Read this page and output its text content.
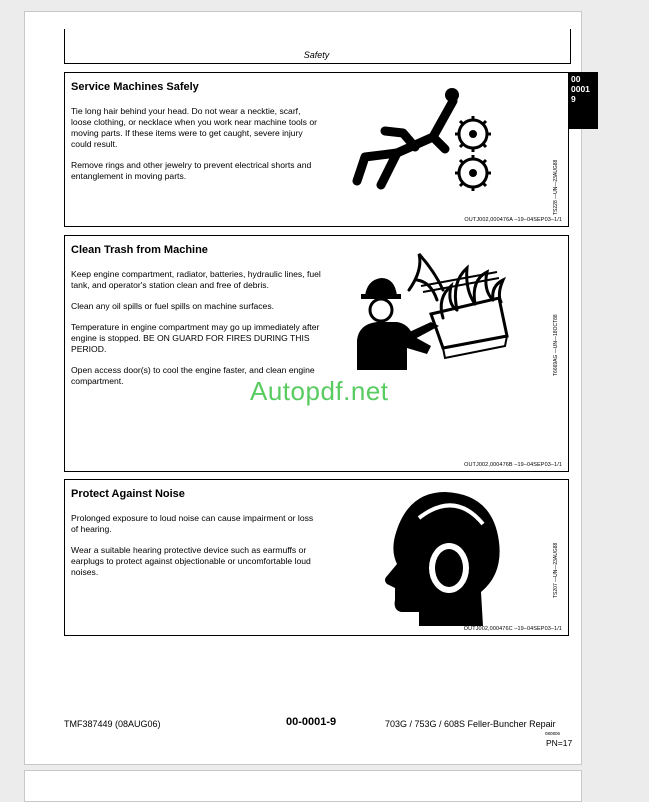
Safety
00
0001
9
Service Machines Safely

Tie long hair behind your head. Do not wear a necktie, scarf, loose clothing, or necklace when you work near machine tools or moving parts. If these items were to get caught, severe injury could result.

Remove rings and other jewelry to prevent electrical shorts and entanglement in moving parts.	TS228 —UN—23AUG88
OUTJ002,000476A –19–04SEP03–1/1
Clean Trash from Machine

Keep engine compartment, radiator, batteries, hydraulic lines, fuel tank, and operator's station clean and free of debris.

Clean any oil spills or fuel spills on machine surfaces.

Temperature in engine compartment may go up immediately after engine is stopped. BE ON GUARD FOR FIRES DURING THIS PERIOD.

Open access door(s) to cool the engine faster, and clean engine compartment.

T6669AG —UN—18OCT88
OUTJ002,000476B –19–04SEP03–1/1
Protect Against Noise

Prolonged exposure to loud noise can cause impairment or loss of hearing.

Wear a suitable hearing protective device such as earmuffs or earplugs to protect against objectionable or uncomfortable loud noises.	TS207 —UN—23AUG88
OUTJ002,000476C –19–04SEP03–1/1
Autopdf.net
TMF387449 (08AUG06)	00-0001-9	703G / 753G / 608S Feller-Buncher Repair
080806
PN=17
